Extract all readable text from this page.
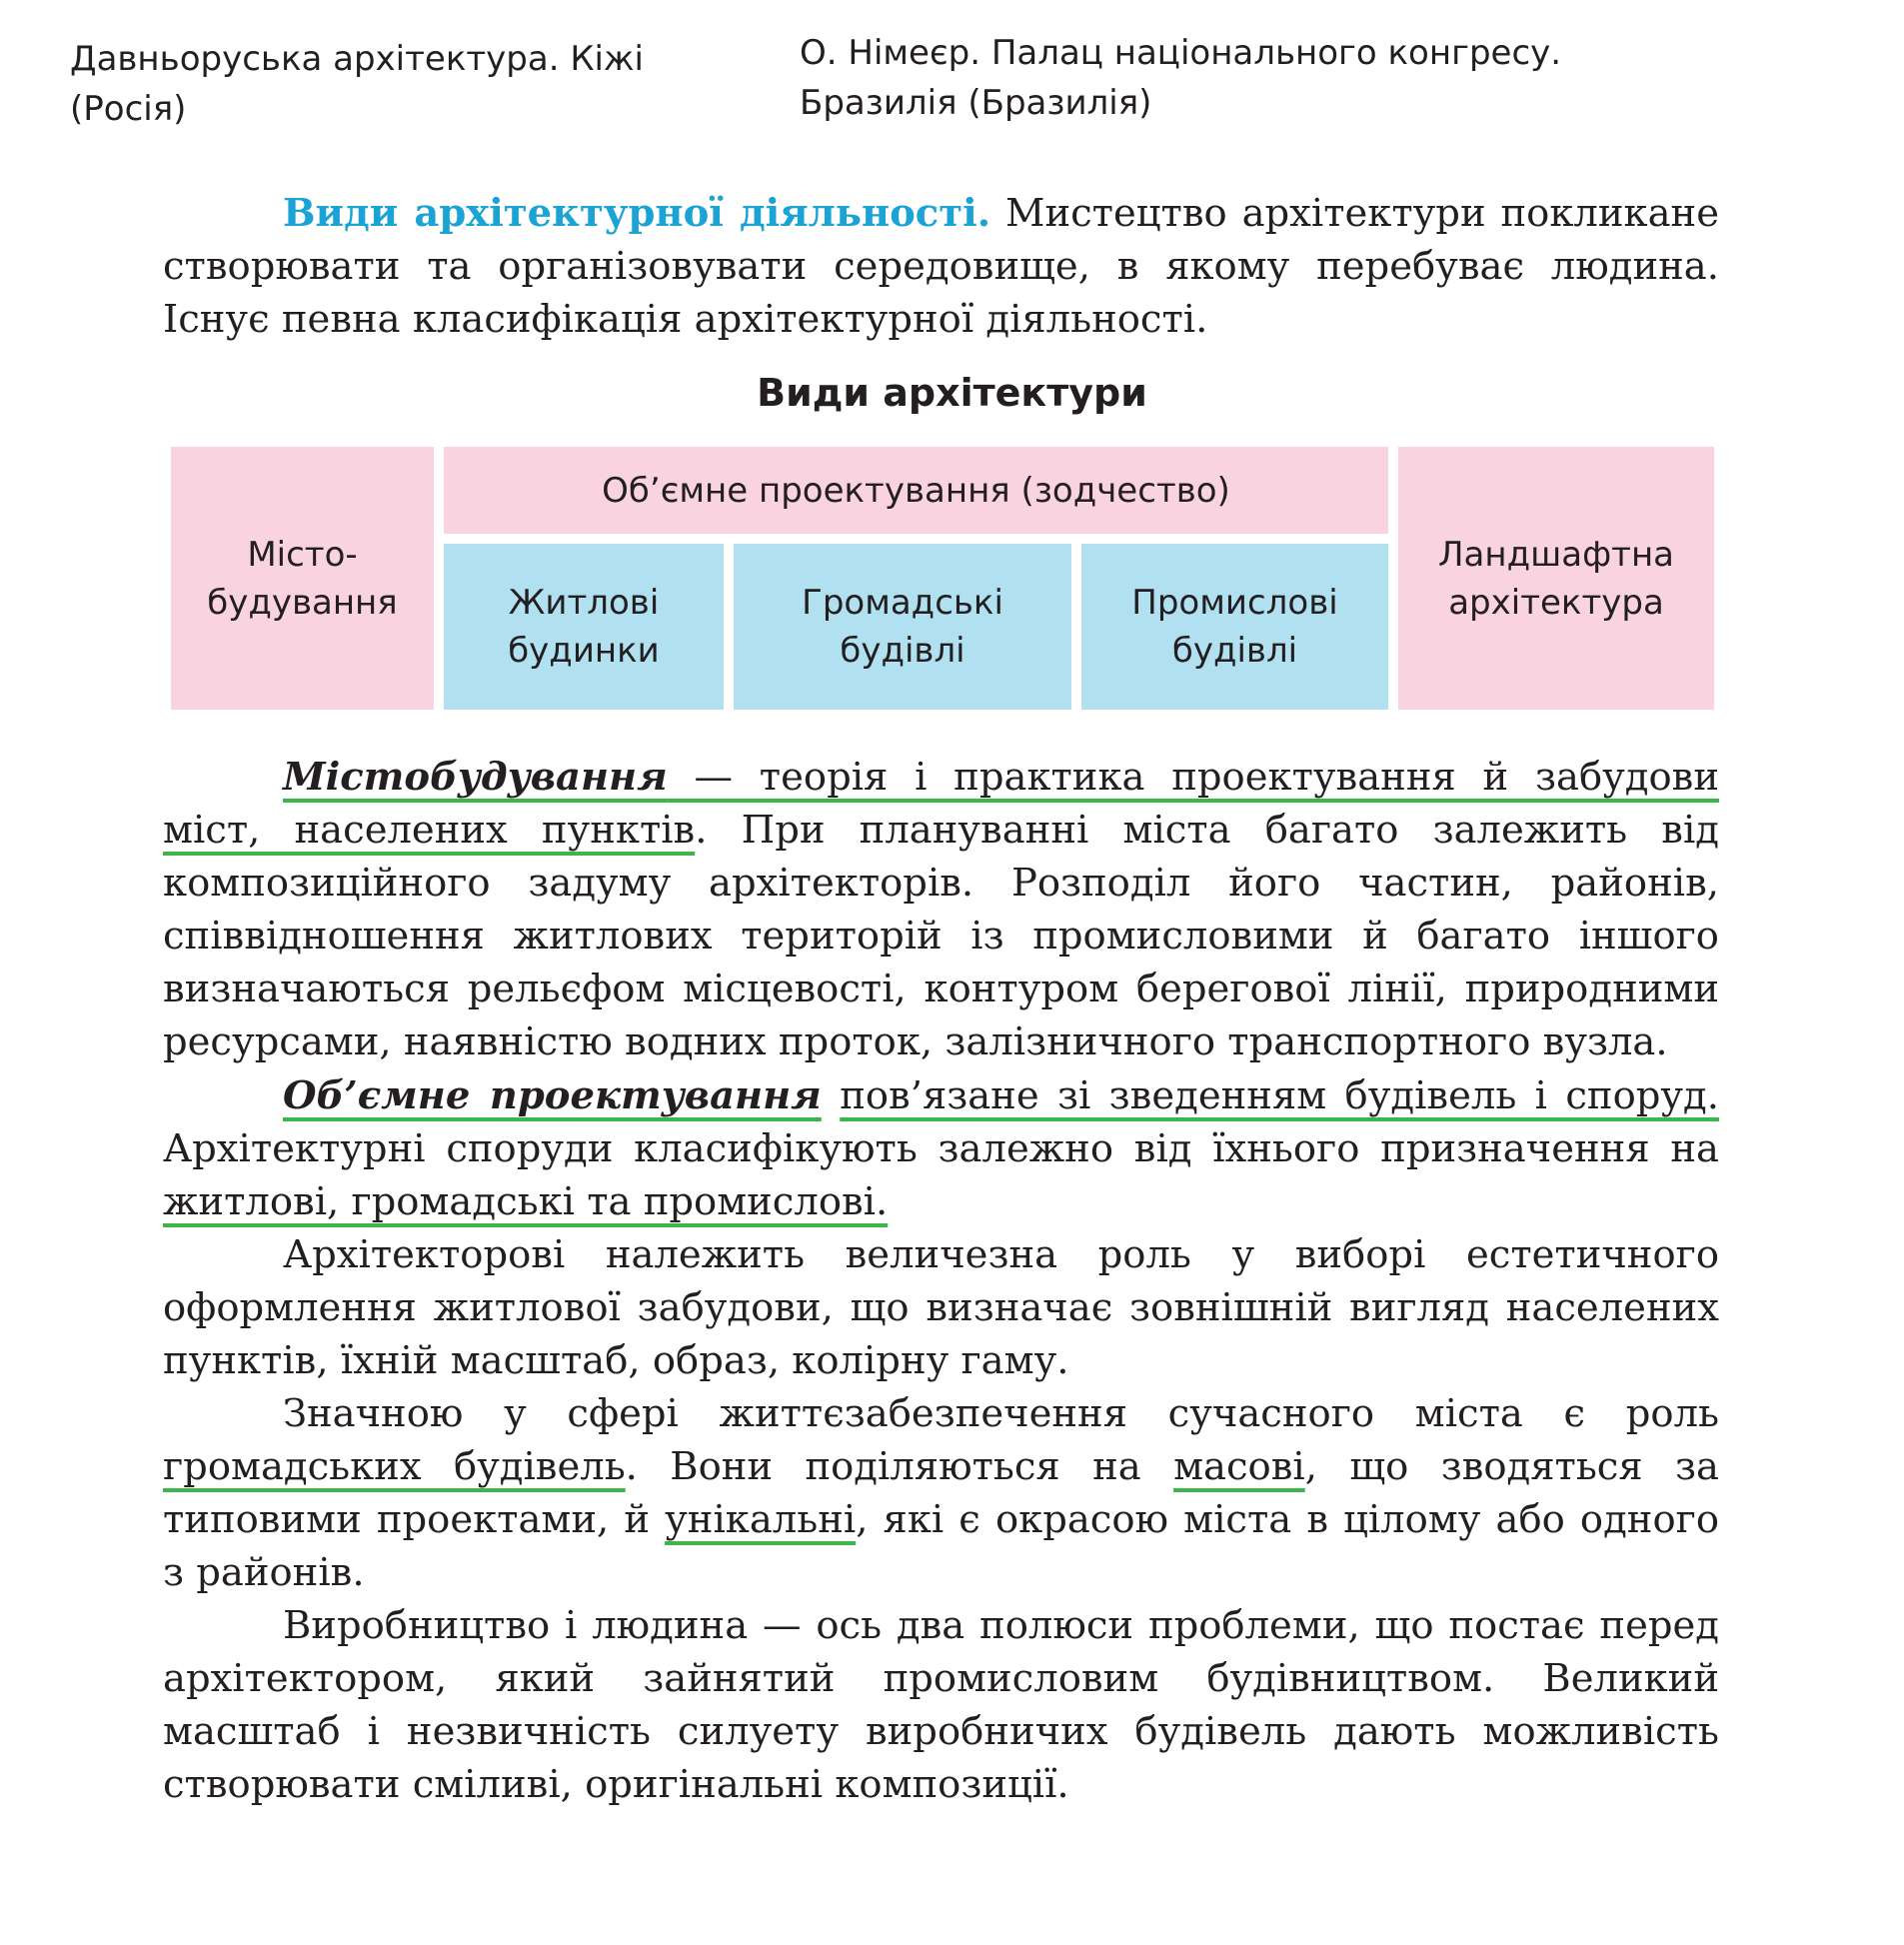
Давньоруська архітектура. Кіжі (Росія)

О. Німеєр. Палац національного конгресу.
Бразилія (Бразилія)

Види архітектурної діяльності. Мистецтво архітектури покликане створювати та організовувати середовище, в якому перебуває людина. Існує певна класифікація архітектурної діяльності.

Види архітектури

Місто-будування
Об’ємне проектування (зодчество)
Житлові будинки
Громадські будівлі
Промислові будівлі
Ландшафтна архітектура

Містобудування — теорія і практика проектування й забудови міст, населених пунктів. При плануванні міста багато залежить від композиційного задуму архітекторів. Розподіл його частин, районів, співвідношення житлових територій із промисловими й багато іншого визначаються рельєфом місцевості, контуром берегової лінії, природними ресурсами, наявністю водних проток, залізничного транспортного вузла.

Об’ємне проектування пов’язане зі зведенням будівель і споруд. Архітектурні споруди класифікують залежно від їхнього призначення на житлові, громадські та промислові.

Архітекторові належить величезна роль у виборі естетичного оформлення житлової забудови, що визначає зовнішній вигляд населених пунктів, їхній масштаб, образ, колірну гаму.

Значною у сфері життєзабезпечення сучасного міста є роль громадських будівель. Вони поділяються на масові, що зводяться за типовими проектами, й унікальні, які є окрасою міста в цілому або одного з районів.

Виробництво і людина — ось два полюси проблеми, що постає перед архітектором, який зайнятий промисловим будівництвом. Великий масштаб і незвичність силуету виробничих будівель дають можливість створювати сміливі, оригінальні композиції.
